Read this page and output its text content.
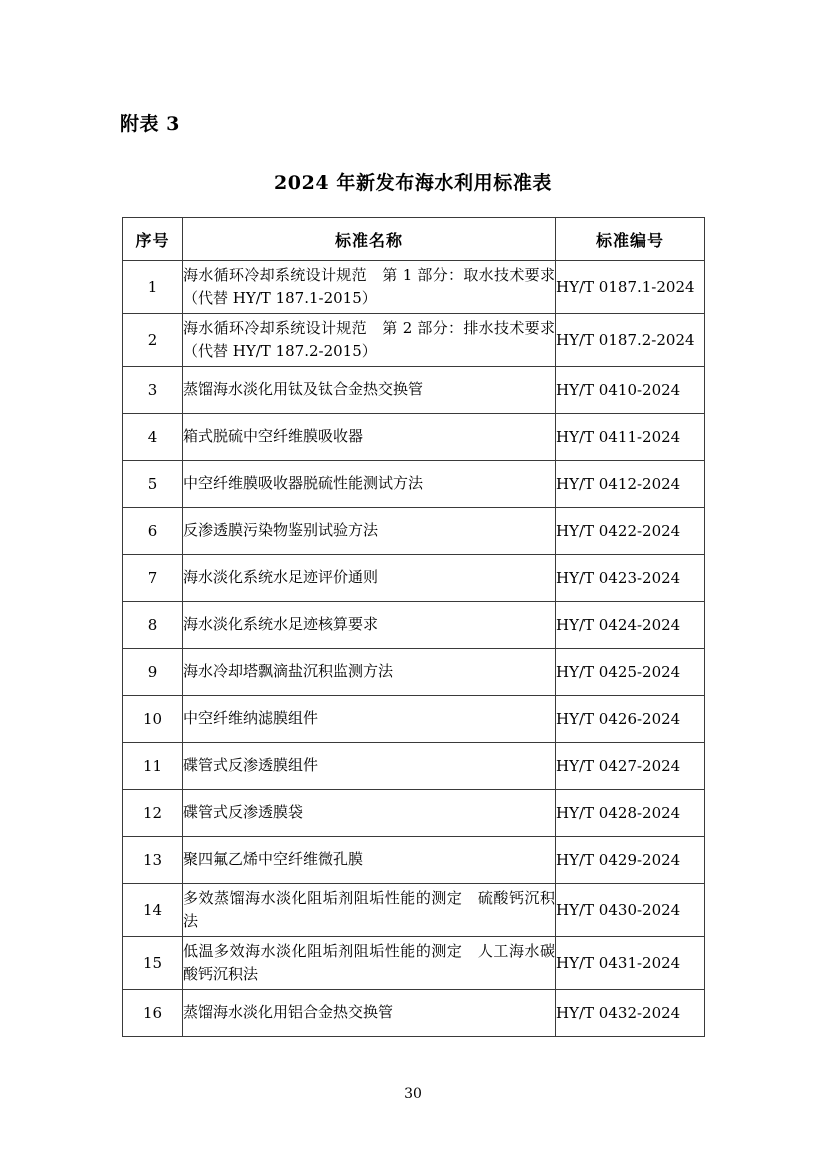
附表 3
2024 年新发布海水利用标准表
序号	标准名称	标准编号
1	海水循环冷却系统设计规范　第 1 部分：取水技术要求（代替 HY/T 187.1-2015）	HY/T 0187.1-2024
2	海水循环冷却系统设计规范　第 2 部分：排水技术要求（代替 HY/T 187.2-2015）	HY/T 0187.2-2024
3	蒸馏海水淡化用钛及钛合金热交换管	HY/T 0410-2024
4	箱式脱硫中空纤维膜吸收器	HY/T 0411-2024
5	中空纤维膜吸收器脱硫性能测试方法	HY/T 0412-2024
6	反渗透膜污染物鉴别试验方法	HY/T 0422-2024
7	海水淡化系统水足迹评价通则	HY/T 0423-2024
8	海水淡化系统水足迹核算要求	HY/T 0424-2024
9	海水冷却塔飘滴盐沉积监测方法	HY/T 0425-2024
10	中空纤维纳滤膜组件	HY/T 0426-2024
11	碟管式反渗透膜组件	HY/T 0427-2024
12	碟管式反渗透膜袋	HY/T 0428-2024
13	聚四氟乙烯中空纤维微孔膜	HY/T 0429-2024
14	多效蒸馏海水淡化阻垢剂阻垢性能的测定　硫酸钙沉积法	HY/T 0430-2024
15	低温多效海水淡化阻垢剂阻垢性能的测定　人工海水碳酸钙沉积法	HY/T 0431-2024
16	蒸馏海水淡化用铝合金热交换管	HY/T 0432-2024
30
